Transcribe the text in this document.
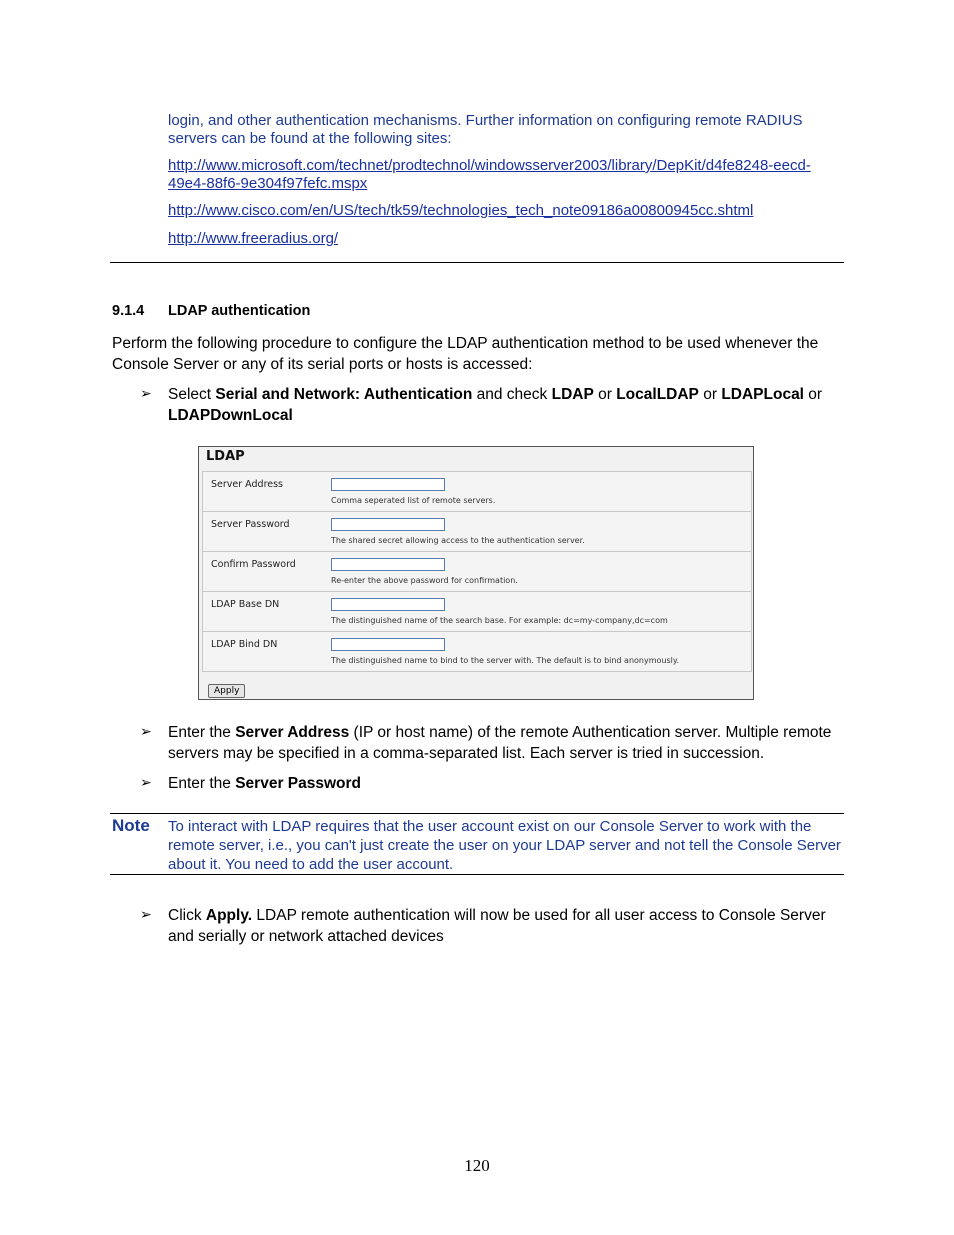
login, and other authentication mechanisms. Further information on configuring remote RADIUS servers can be found at the following sites:
http://www.microsoft.com/technet/prodtechnol/windowsserver2003/library/DepKit/d4fe8248-eecd-49e4-88f6-9e304f97fefc.mspx
http://www.cisco.com/en/US/tech/tk59/technologies_tech_note09186a00800945cc.shtml
http://www.freeradius.org/
9.1.4 LDAP authentication
Perform the following procedure to configure the LDAP authentication method to be used whenever the Console Server or any of its serial ports or hosts is accessed:
➢ Select Serial and Network: Authentication and check LDAP or LocalLDAP or LDAPLocal or LDAPDownLocal
LDAP
Server Address
Comma seperated list of remote servers.
Server Password
The shared secret allowing access to the authentication server.
Confirm Password
Re-enter the above password for confirmation.
LDAP Base DN
The distinguished name of the search base. For example: dc=my-company,dc=com
LDAP Bind DN
The distinguished name to bind to the server with. The default is to bind anonymously.
Apply
➢ Enter the Server Address (IP or host name) of the remote Authentication server. Multiple remote servers may be specified in a comma-separated list. Each server is tried in succession.
➢ Enter the Server Password
Note To interact with LDAP requires that the user account exist on our Console Server to work with the remote server, i.e., you can't just create the user on your LDAP server and not tell the Console Server about it. You need to add the user account.
➢ Click Apply. LDAP remote authentication will now be used for all user access to Console Server and serially or network attached devices
120
